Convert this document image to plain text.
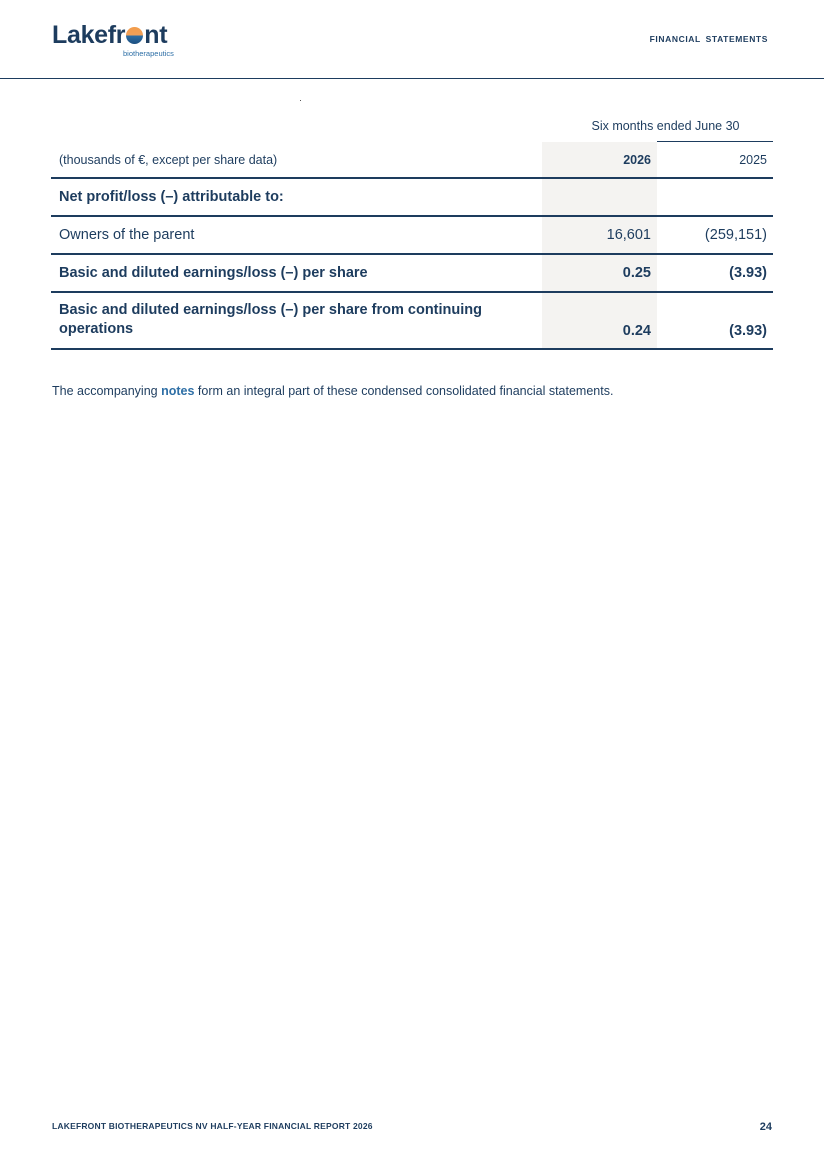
Lakefr nt
biotherapeutics
FINANCIAL STATEMENTS
Six months ended June 30
(thousands of €, except per share data)	2026	2025
Net profit/loss (–) attributable to:
Owners of the parent	16,601	(259,151)
Basic and diluted earnings/loss (–) per share	0.25	(3.93)
Basic and diluted earnings/loss (–) per share from continuing operations	0.24	(3.93)
The accompanying notes form an integral part of these condensed consolidated financial statements.
LAKEFRONT BIOTHERAPEUTICS NV HALF-YEAR FINANCIAL REPORT 2026	24
